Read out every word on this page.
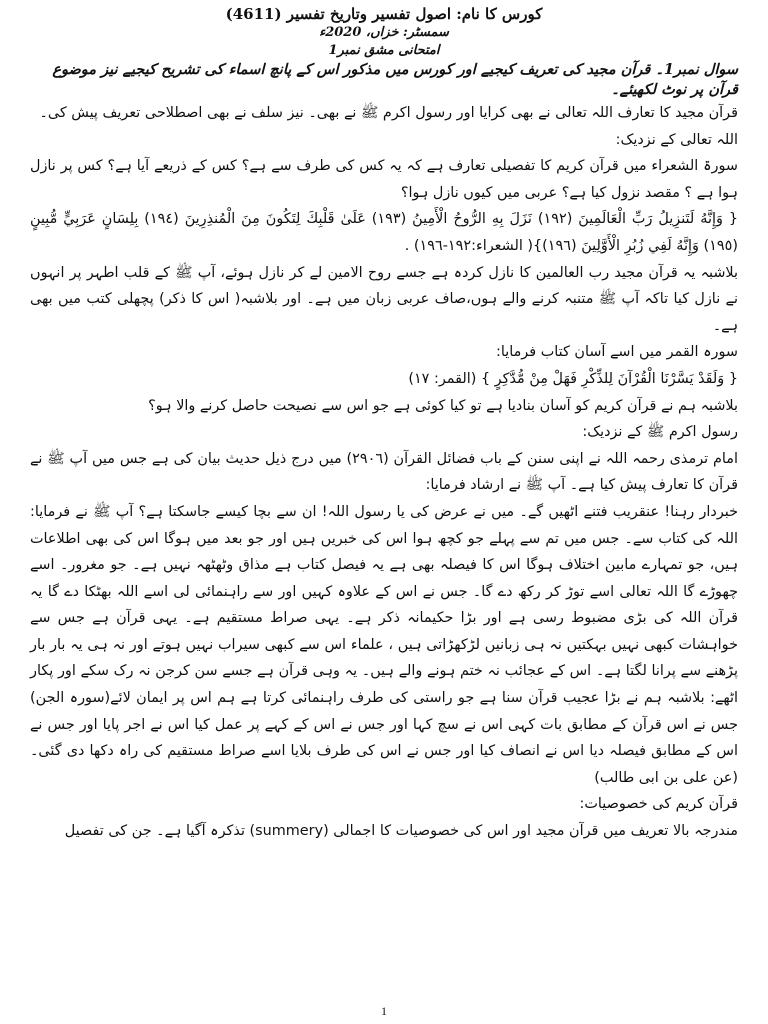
کورس کا نام: اصول تفسیر وتاریخ تفسیر (4611)
سمسٹر: خزاں، 2020ء
امتحانی مشق نمبر1
سوال نمبر1۔ قرآن مجید کی تعریف کیجیے اور کورس میں مذکور اس کے پانچ اسماء کی تشریح کیجیے نیز موضوع قرآن پر نوٹ لکھیئے۔

قرآن مجید کا تعارف اللہ تعالی نے بھی کرایا اور رسول اکرم ﷺ نے بھی۔ نیز سلف نے بھی اصطلاحی تعریف پیش کی۔

اللہ تعالی کے نزدیک:

سورۃ الشعراء میں قرآن کریم کا تفصیلی تعارف ہے کہ یہ کس کی طرف سے ہے؟ کس کے ذریعے آیا ہے؟ کس پر نازل ہوا ہے ؟ مقصد نزول کیا ہے؟ عربی میں کیوں نازل ہوا؟

{ وَإِنَّهُ لَتَنزِيلُ رَبِّ الْعَالَمِينَ (١٩٢) نَزَلَ بِهِ الرُّوحُ الْأَمِينُ (١٩٣) عَلَىٰ قَلْبِكَ لِتَكُونَ مِنَ الْمُنذِرِينَ (١٩٤) بِلِسَانٍ عَرَبِيٍّ مُّبِينٍ (١٩٥) وَإِنَّهُ لَفِي زُبُرِ الْأَوَّلِينَ (١٩٦)}( الشعراء:١٩٢-١٩٦) .

بلاشبہ یہ قرآن مجید رب العالمین کا نازل کردہ ہے جسے روح الامین لے کر نازل ہوئے، آپ ﷺ کے قلب اطہر پر انہوں نے نازل کیا تاکہ آپ ﷺ متنبہ کرنے والے ہوں،صاف عربی زبان میں ہے۔ اور بلاشبہ( اس کا ذکر) پچھلی کتب میں بھی ہے۔

سورہ القمر میں اسے آسان کتاب فرمایا:

{ وَلَقَدْ يَسَّرْنَا الْقُرْآنَ لِلذِّكْرِ فَهَلْ مِنْ مُّدَّكِرٍ } (القمر: ١٧)

بلاشبہ ہم نے قرآن کریم کو آسان بنادیا ہے تو کیا کوئی ہے جو اس سے نصیحت حاصل کرنے والا ہو؟

رسول اکرم ﷺ کے نزدیک:

امام ترمذی رحمہ اللہ نے اپنی سنن کے باب فضائل القرآن (٢٩٠٦) میں درج ذیل حدیث بیان کی ہے جس میں آپ ﷺ نے قرآن کا تعارف پیش کیا ہے۔ آپ ﷺ نے ارشاد فرمایا:

خبردار رہنا! عنقریب فتنے اٹھیں گے۔ میں نے عرض کی یا رسول اللہ! ان سے بچا کیسے جاسکتا ہے؟ آپ ﷺ نے فرمایا: اللہ کی کتاب سے۔ جس میں تم سے پہلے جو کچھ ہوا اس کی خبریں ہیں اور جو بعد میں ہوگا اس کی بھی اطلاعات ہیں، جو تمہارے مابین اختلاف ہوگا اس کا فیصلہ بھی ہے یہ فیصل کتاب ہے مذاق وٹھٹھہ نہیں ہے۔ جو مغرور۔ اسے چھوڑے گا اللہ تعالی اسے توڑ کر رکھ دے گا۔ جس نے اس کے علاوہ کہیں اور سے راہنمائی لی اسے اللہ بھٹکا دے گا یہ قرآن اللہ کی بڑی مضبوط رسی ہے اور بڑا حکیمانہ ذکر ہے۔ یہی صراط مستقیم ہے۔ یہی قرآن ہے جس سے خواہشات کبھی نہیں بہکتیں نہ ہی زبانیں لڑکھڑاتی ہیں ، علماء اس سے کبھی سیراب نہیں ہوتے اور نہ ہی یہ بار بار پڑھنے سے پرانا لگتا ہے۔ اس کے عجائب نہ ختم ہونے والے ہیں۔ یہ وہی قرآن ہے جسے سن کرجن نہ رک سکے اور پکار اٹھے: بلاشبہ ہم نے بڑا عجیب قرآن سنا ہے جو راستی کی طرف راہنمائی کرتا ہے ہم اس پر ایمان لائے(سورہ الجن) جس نے اس قرآن کے مطابق بات کہی اس نے سچ کہا اور جس نے اس کے کہے پر عمل کیا اس نے اجر پایا اور جس نے اس کے مطابق فیصلہ دیا اس نے انصاف کیا اور جس نے اس کی طرف بلایا اسے صراط مستقیم کی راہ دکھا دی گئی۔(عن علی بن ابی طالب)

قرآن کریم کی خصوصیات:

مندرجہ بالا تعریف میں قرآن مجید اور اس کی خصوصیات کا اجمالی (summery) تذکرہ آگیا ہے۔ جن کی تفصیل

1
